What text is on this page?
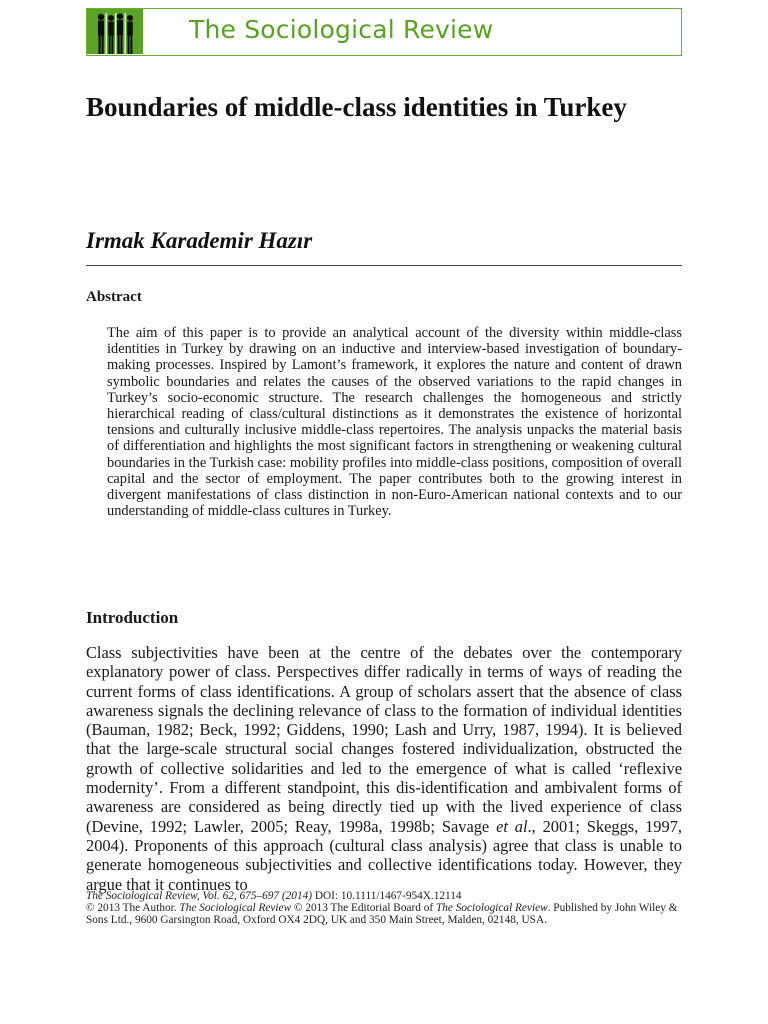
The Sociological Review
Boundaries of middle-class identities in Turkey
Irmak Karademir Hazır
Abstract

The aim of this paper is to provide an analytical account of the diversity within middle-class identities in Turkey by drawing on an inductive and interview-based investigation of boundary-making processes. Inspired by Lamont’s framework, it explores the nature and content of drawn symbolic boundaries and relates the causes of the observed variations to the rapid changes in Turkey’s socio-economic structure. The research challenges the homogeneous and strictly hierarchical reading of class/cultural distinctions as it demonstrates the existence of horizontal tensions and culturally inclusive middle-class repertoires. The analysis unpacks the material basis of differentiation and highlights the most significant factors in strengthening or weakening cultural boundaries in the Turkish case: mobility profiles into middle-class positions, composition of overall capital and the sector of employment. The paper contributes both to the growing interest in divergent manifestations of class distinction in non-Euro-American national contexts and to our understanding of middle-class cultures in Turkey.

Introduction

Class subjectivities have been at the centre of the debates over the contemporary explanatory power of class. Perspectives differ radically in terms of ways of reading the current forms of class identifications. A group of scholars assert that the absence of class awareness signals the declining relevance of class to the formation of individual identities (Bauman, 1982; Beck, 1992; Giddens, 1990; Lash and Urry, 1987, 1994). It is believed that the large-scale structural social changes fostered individualization, obstructed the growth of collective solidarities and led to the emergence of what is called ‘reflexive modernity’. From a different standpoint, this dis-identification and ambivalent forms of awareness are considered as being directly tied up with the lived experience of class (Devine, 1992; Lawler, 2005; Reay, 1998a, 1998b; Savage et al., 2001; Skeggs, 1997, 2004). Proponents of this approach (cultural class analysis) agree that class is unable to generate homogeneous subjectivities and collective identifications today. However, they argue that it continues to

The Sociological Review, Vol. 62, 675–697 (2014) DOI: 10.1111/1467-954X.12114
© 2013 The Author. The Sociological Review © 2013 The Editorial Board of The Sociological Review. Published by John Wiley & Sons Ltd., 9600 Garsington Road, Oxford OX4 2DQ, UK and 350 Main Street, Malden, 02148, USA.
